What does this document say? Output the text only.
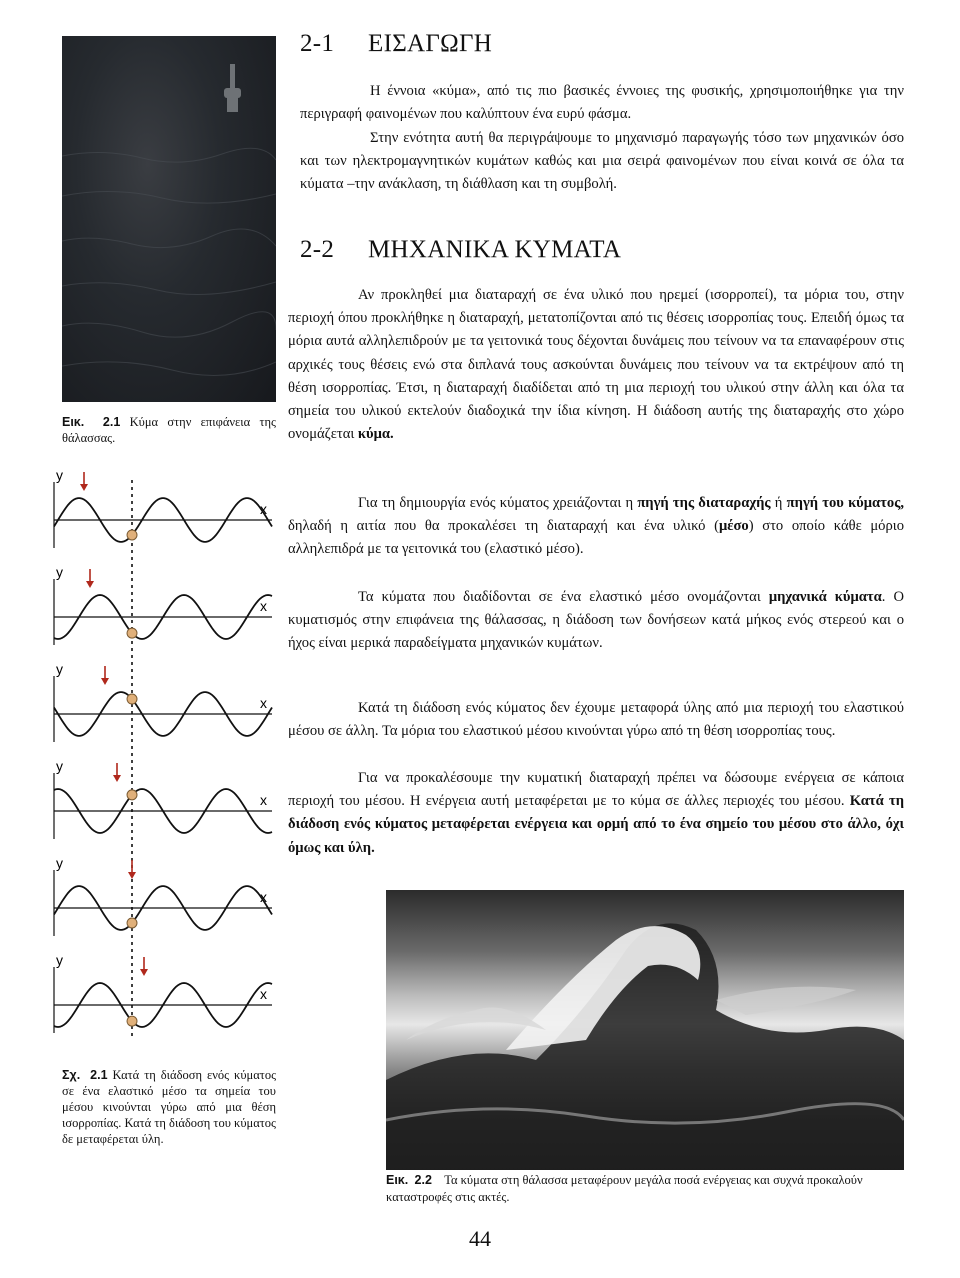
Εικ. 2.1 Κύμα στην επιφάνεια της θάλασσας.
y
x
y
x
y
x
y
x
y
x
y
x
Σχ. 2.1 Κατά τη διάδοση ενός κύματος σε ένα ελαστικό μέσο τα σημεία του μέσου κινούνται γύρω από μια θέση ισορροπίας. Κατά τη διάδοση του κύματος δε μεταφέρεται ύλη.
2-1 ΕΙΣΑΓΩΓΗ
Η έννοια «κύμα», από τις πιο βασικές έννοιες της φυσικής, χρησιμοποιήθηκε για την περιγραφή φαινομένων που καλύπτουν ένα ευρύ φάσμα.
Στην ενότητα αυτή θα περιγράψουμε το μηχανισμό παραγωγής τόσο των μηχανικών όσο και των ηλεκτρομαγνητικών κυμάτων καθώς και μια σειρά φαινομένων που είναι κοινά σε όλα τα κύματα –την ανάκλαση, τη διάθλαση και τη συμβολή.
2-2 ΜΗΧΑΝΙΚΑ ΚΥΜΑΤΑ
Αν προκληθεί μια διαταραχή σε ένα υλικό που ηρεμεί (ισορροπεί), τα μόρια του, στην περιοχή όπου προκλήθηκε η διαταραχή, μετατοπίζονται από τις θέσεις ισορροπίας τους. Επειδή όμως τα μόρια αυτά αλληλεπιδρούν με τα γειτονικά τους δέχονται δυνάμεις που τείνουν να τα επαναφέρουν στις αρχικές τους θέσεις ενώ στα διπλανά τους ασκούνται δυνάμεις που τείνουν να τα εκτρέψουν από τη θέση ισορροπίας. Έτσι, η διαταραχή διαδίδεται από τη μια περιοχή του υλικού στην άλλη και όλα τα σημεία του υλικού εκτελούν διαδοχικά την ίδια κίνηση. Η διάδοση αυτής της διαταραχής στο χώρο ονομάζεται κύμα.
Για τη δημιουργία ενός κύματος χρειάζονται η πηγή της διαταραχής ή πηγή του κύματος, δηλαδή η αιτία που θα προκαλέσει τη διαταραχή και ένα υλικό (μέσο) στο οποίο κάθε μόριο αλληλεπιδρά με τα γειτονικά του (ελαστικό μέσο).
Τα κύματα που διαδίδονται σε ένα ελαστικό μέσο ονομάζονται μηχανικά κύματα. Ο κυματισμός στην επιφάνεια της θάλασσας, η διάδοση των δονήσεων κατά μήκος ενός στερεού και ο ήχος είναι μερικά παραδείγματα μηχανικών κυμάτων.
Κατά τη διάδοση ενός κύματος δεν έχουμε μεταφορά ύλης από μια περιοχή του ελαστικού μέσου σε άλλη. Τα μόρια του ελαστικού μέσου κινούνται γύρω από τη θέση ισορροπίας τους.
Για να προκαλέσουμε την κυματική διαταραχή πρέπει να δώσουμε ενέργεια σε κάποια περιοχή του μέσου. Η ενέργεια αυτή μεταφέρεται με το κύμα σε άλλες περιοχές του μέσου. Κατά τη διάδοση ενός κύματος μεταφέρεται ενέργεια και ορμή από το ένα σημείο του μέσου στο άλλο, όχι όμως και ύλη.
Εικ. 2.2 Τα κύματα στη θάλασσα μεταφέρουν μεγάλα ποσά ενέργειας και συχνά προκαλούν καταστροφές στις ακτές.
44
